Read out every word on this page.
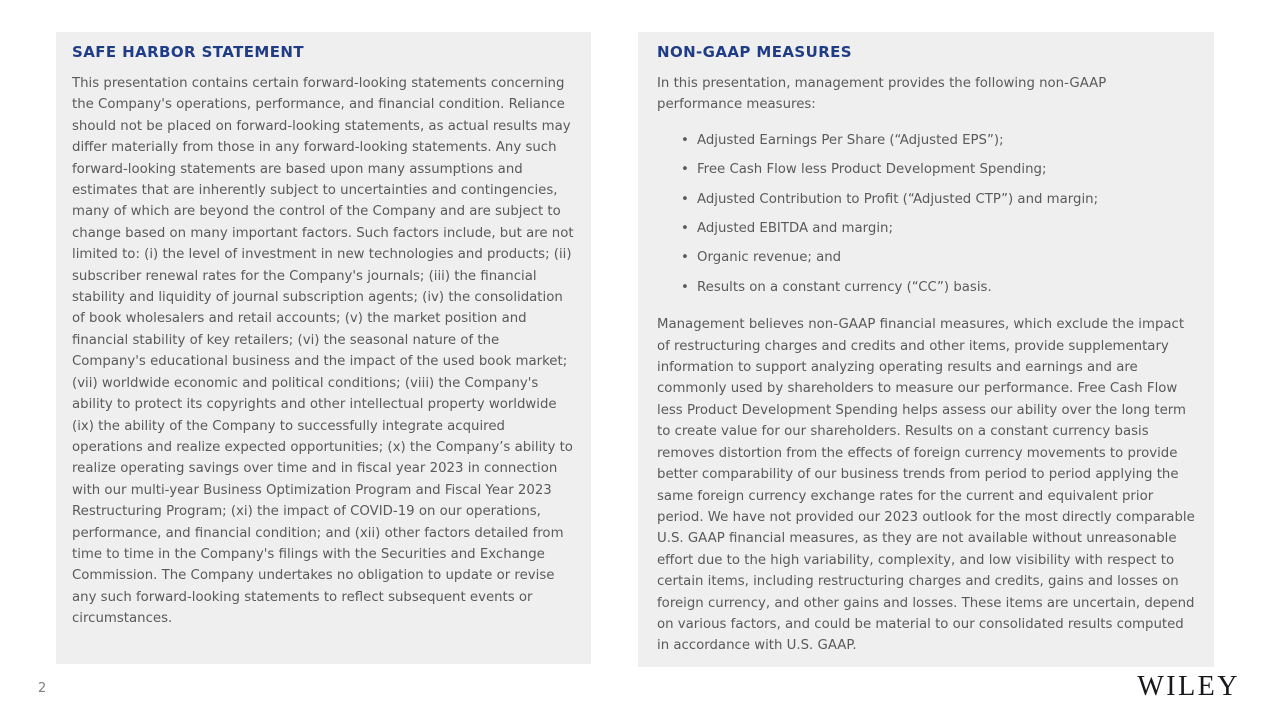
SAFE HARBOR STATEMENT

This presentation contains certain forward-looking statements concerning the Company's operations, performance, and financial condition. Reliance should not be placed on forward-looking statements, as actual results may differ materially from those in any forward-looking statements. Any such forward-looking statements are based upon many assumptions and estimates that are inherently subject to uncertainties and contingencies, many of which are beyond the control of the Company and are subject to change based on many important factors. Such factors include, but are not limited to: (i) the level of investment in new technologies and products; (ii) subscriber renewal rates for the Company's journals; (iii) the financial stability and liquidity of journal subscription agents; (iv) the consolidation of book wholesalers and retail accounts; (v) the market position and financial stability of key retailers; (vi) the seasonal nature of the Company's educational business and the impact of the used book market; (vii) worldwide economic and political conditions; (viii) the Company's ability to protect its copyrights and other intellectual property worldwide (ix) the ability of the Company to successfully integrate acquired operations and realize expected opportunities; (x) the Company’s ability to realize operating savings over time and in fiscal year 2023 in connection with our multi-year Business Optimization Program and Fiscal Year 2023 Restructuring Program; (xi) the impact of COVID-19 on our operations, performance, and financial condition; and (xii) other factors detailed from time to time in the Company's filings with the Securities and Exchange Commission. The Company undertakes no obligation to update or revise any such forward-looking statements to reflect subsequent events or circumstances.

NON-GAAP MEASURES

In this presentation, management provides the following non-GAAP performance measures:

• Adjusted Earnings Per Share (“Adjusted EPS”);
• Free Cash Flow less Product Development Spending;
• Adjusted Contribution to Profit (“Adjusted CTP”) and margin;
• Adjusted EBITDA and margin;
• Organic revenue; and
• Results on a constant currency (“CC”) basis.

Management believes non-GAAP financial measures, which exclude the impact of restructuring charges and credits and other items, provide supplementary information to support analyzing operating results and earnings and are commonly used by shareholders to measure our performance. Free Cash Flow less Product Development Spending helps assess our ability over the long term to create value for our shareholders. Results on a constant currency basis removes distortion from the effects of foreign currency movements to provide better comparability of our business trends from period to period applying the same foreign currency exchange rates for the current and equivalent prior period. We have not provided our 2023 outlook for the most directly comparable U.S. GAAP financial measures, as they are not available without unreasonable effort due to the high variability, complexity, and low visibility with respect to certain items, including restructuring charges and credits, gains and losses on foreign currency, and other gains and losses. These items are uncertain, depend on various factors, and could be material to our consolidated results computed in accordance with U.S. GAAP.

2	WILEY
